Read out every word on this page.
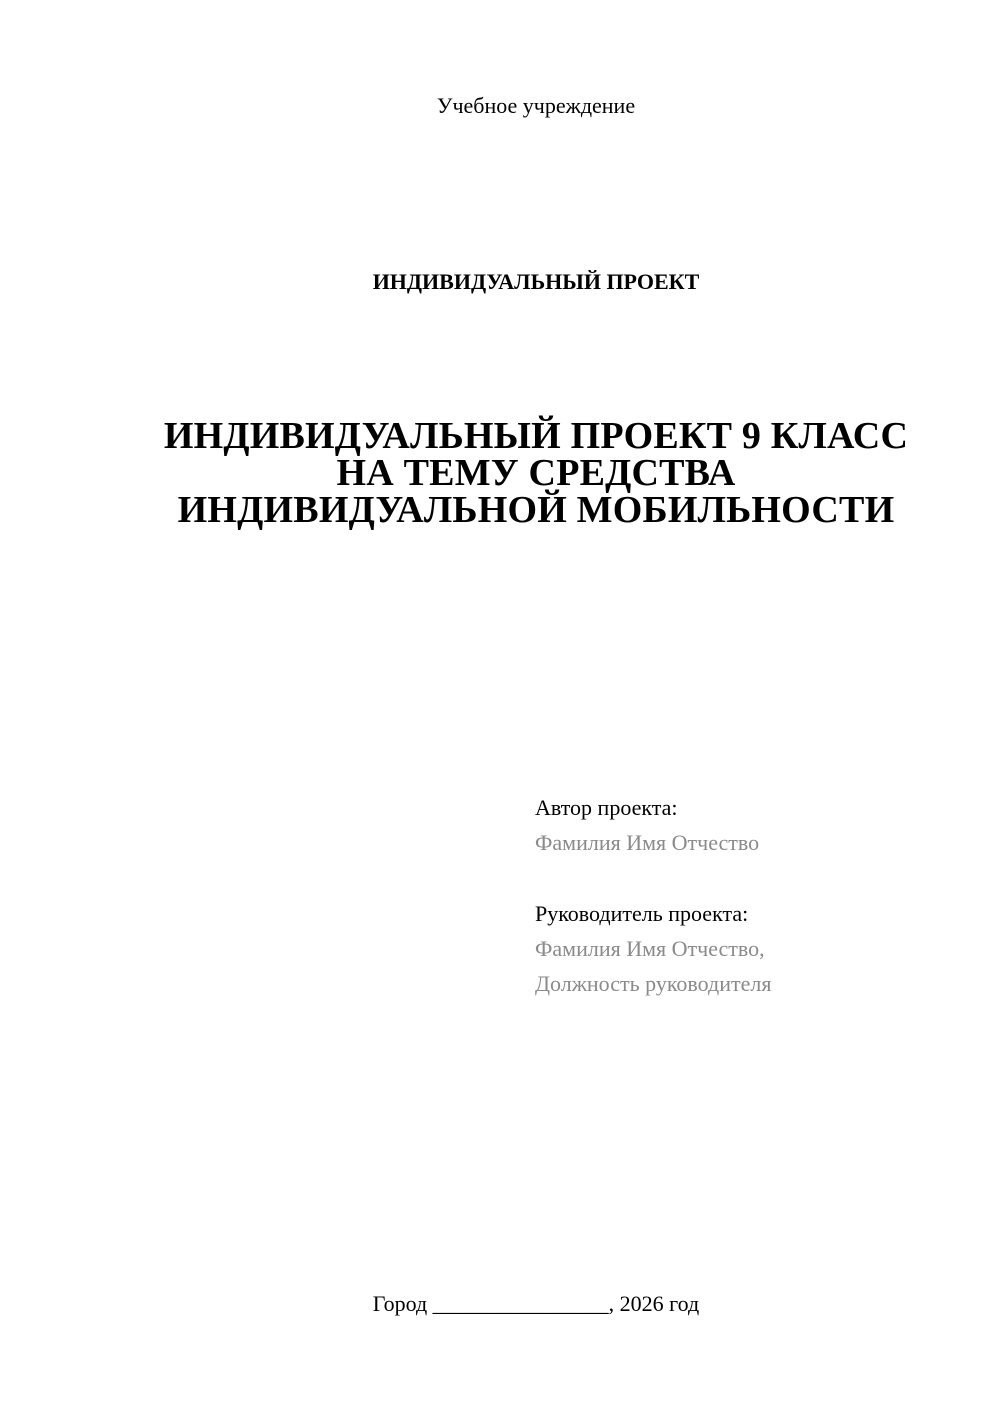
Учебное учреждение
ИНДИВИДУАЛЬНЫЙ ПРОЕКТ
ИНДИВИДУАЛЬНЫЙ ПРОЕКТ 9 КЛАСС
НА ТЕМУ СРЕДСТВА
ИНДИВИДУАЛЬНОЙ МОБИЛЬНОСТИ
Автор проекта:
Фамилия Имя Отчество
Руководитель проекта:
Фамилия Имя Отчество,
Должность руководителя
Город ________________, 2026 год
